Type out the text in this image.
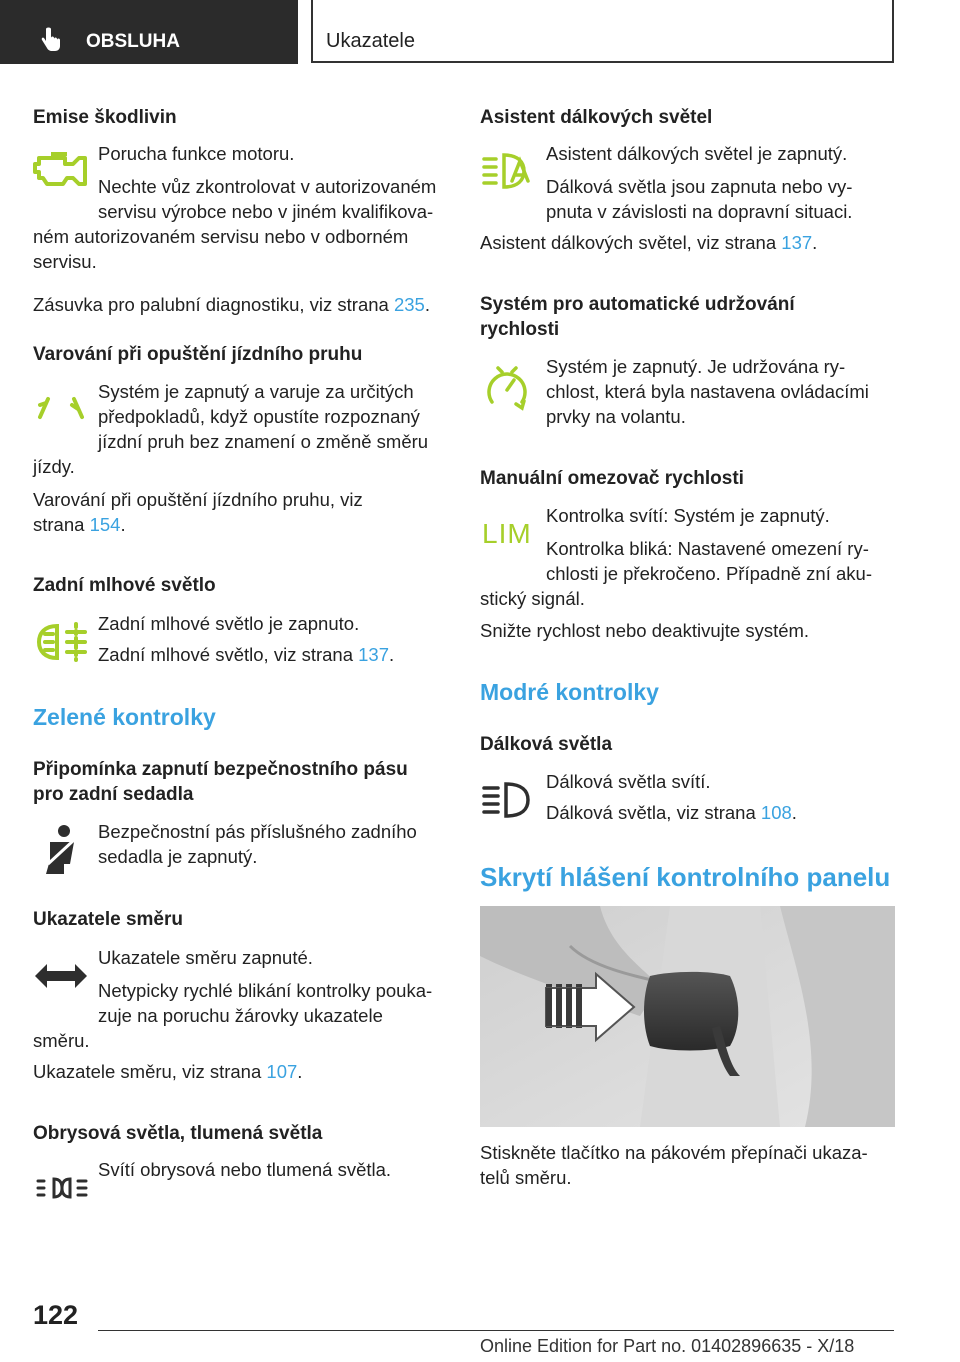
OBSLUHA	Ukazatele
Emise škodlivin
Porucha funkce motoru.
Nechte vůz zkontrolovat v autorizovaném
servisu výrobce nebo v jiném kvalifikova-
ném autorizovaném servisu nebo v odborném
servisu.
Zásuvka pro palubní diagnostiku, viz strana 235.
Varování při opuštění jízdního pruhu
Systém je zapnutý a varuje za určitých
předpokladů, když opustíte rozpoznaný
jízdní pruh bez znamení o změně směru
jízdy.
Varování při opuštění jízdního pruhu, viz
strana 154.
Zadní mlhové světlo
Zadní mlhové světlo je zapnuto.
Zadní mlhové světlo, viz strana 137.
Zelené kontrolky
Připomínka zapnutí bezpečnostního pásu
pro zadní sedadla
Bezpečnostní pás příslušného zadního
sedadla je zapnutý.
Ukazatele směru
Ukazatele směru zapnuté.
Netypicky rychlé blikání kontrolky pouka-
zuje na poruchu žárovky ukazatele
směru.
Ukazatele směru, viz strana 107.
Obrysová světla, tlumená světla
Svítí obrysová nebo tlumená světla.
Asistent dálkových světel
Asistent dálkových světel je zapnutý.
Dálková světla jsou zapnuta nebo vy-
pnuta v závislosti na dopravní situaci.
Asistent dálkových světel, viz strana 137.
Systém pro automatické udržování
rychlosti
Systém je zapnutý. Je udržována ry-
chlost, která byla nastavena ovládacími
prvky na volantu.
Manuální omezovač rychlosti
LIM
Kontrolka svítí: Systém je zapnutý.
Kontrolka bliká: Nastavené omezení ry-
chlosti je překročeno. Případně zní aku-
stický signál.
Snižte rychlost nebo deaktivujte systém.
Modré kontrolky
Dálková světla
Dálková světla svítí.
Dálková světla, viz strana 108.
Skrytí hlášení kontrolního panelu
Stiskněte tlačítko na pákovém přepínači ukaza-
telů směru.
122
Online Edition for Part no. 01402896635 - X/18
